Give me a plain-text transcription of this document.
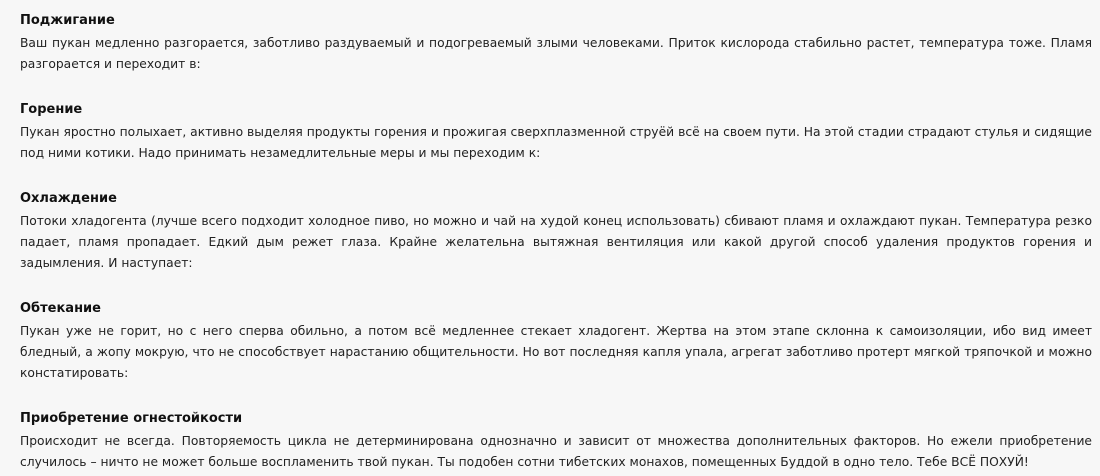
Поджигание

Ваш пукан медленно разгорается, заботливо раздуваемый и подогреваемый злыми человеками. Приток кислорода стабильно растет, температура тоже. Пламя разгорается и переходит в:

Горение

Пукан яростно полыхает, активно выделяя продукты горения и прожигая сверхплазменной струёй всё на своем пути. На этой стадии страдают стулья и сидящие под ними котики. Надо принимать незамедлительные меры и мы переходим к:

Охлаждение

Потоки хладогента (лучше всего подходит холодное пиво, но можно и чай на худой конец использовать) сбивают пламя и охлаждают пукан. Температура резко падает, пламя пропадает. Едкий дым режет глаза. Крайне желательна вытяжная вентиляция или какой другой способ удаления продуктов горения и задымления. И наступает:

Обтекание

Пукан уже не горит, но с него сперва обильно, а потом всё медленнее стекает хладогент. Жертва на этом этапе склонна к самоизоляции, ибо вид имеет бледный, а жопу мокрую, что не способствует нарастанию общительности. Но вот последняя капля упала, агрегат заботливо протерт мягкой тряпочкой и можно констатировать:

Приобретение огнестойкости

Происходит не всегда. Повторяемость цикла не детерминирована однозначно и зависит от множества дополнительных факторов. Но ежели приобретение случилось – ничто не может больше воспламенить твой пукан. Ты подобен сотни тибетских монахов, помещенных Буддой в одно тело. Тебе ВСЁ ПОХУЙ!
